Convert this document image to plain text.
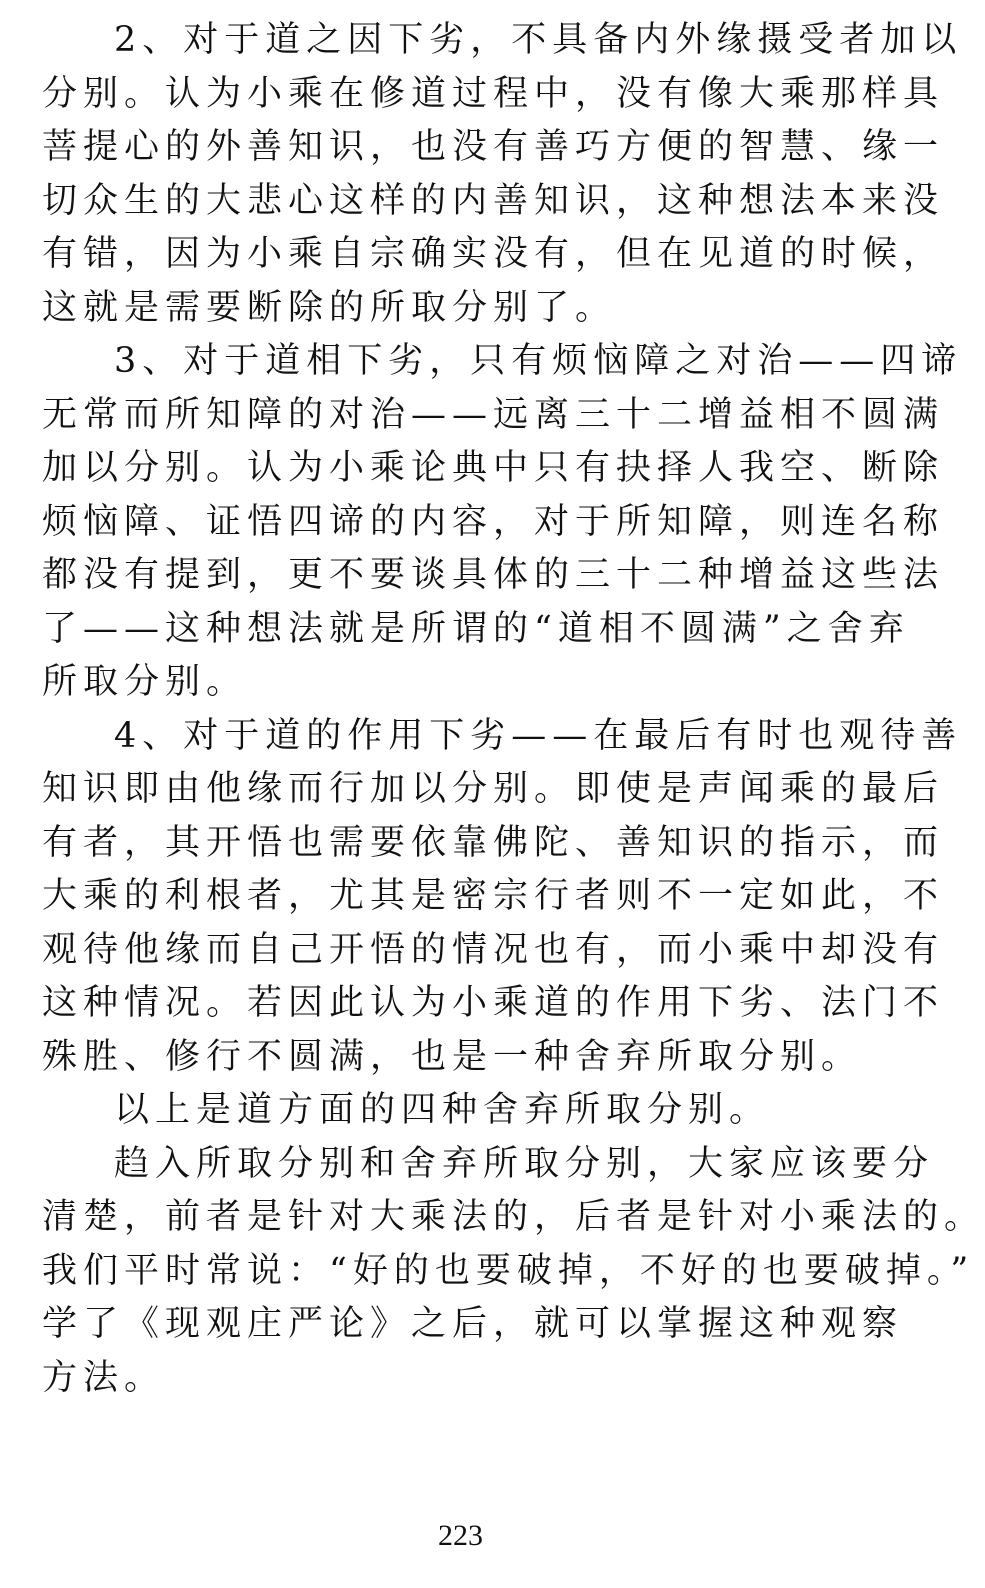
2、对于道之因下劣，不具备内外缘摄受者加以
分别。认为小乘在修道过程中，没有像大乘那样具
菩提心的外善知识，也没有善巧方便的智慧、缘一
切众生的大悲心这样的内善知识，这种想法本来没
有错，因为小乘自宗确实没有，但在见道的时候，
这就是需要断除的所取分别了。
3、对于道相下劣，只有烦恼障之对治——四谛
无常而所知障的对治——远离三十二增益相不圆满
加以分别。认为小乘论典中只有抉择人我空、断除
烦恼障、证悟四谛的内容，对于所知障，则连名称
都没有提到，更不要谈具体的三十二种增益这些法
了——这种想法就是所谓的“道相不圆满”之舍弃
所取分别。
4、对于道的作用下劣——在最后有时也观待善
知识即由他缘而行加以分别。即使是声闻乘的最后
有者，其开悟也需要依靠佛陀、善知识的指示，而
大乘的利根者，尤其是密宗行者则不一定如此，不
观待他缘而自己开悟的情况也有，而小乘中却没有
这种情况。若因此认为小乘道的作用下劣、法门不
殊胜、修行不圆满，也是一种舍弃所取分别。
以上是道方面的四种舍弃所取分别。
趋入所取分别和舍弃所取分别，大家应该要分
清楚，前者是针对大乘法的，后者是针对小乘法的。
我们平时常说：“好的也要破掉，不好的也要破掉。”
学了《现观庄严论》之后，就可以掌握这种观察
方法。
223
